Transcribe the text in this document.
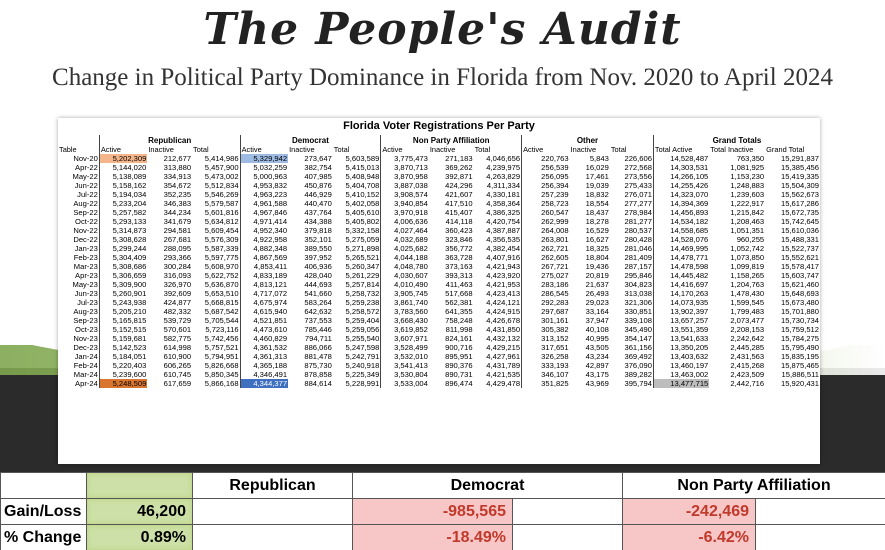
The People's Audit
Change in Political Party Dominance in Florida from Nov. 2020 to April 2024
Florida Voter Registrations Per Party
	Republican			Democrat			Non Party Affiliation			Other			Grand Totals		
Table	Active	Inactive	Total	Active	Inactive	Total	Active	Inactive	Total	Active	Inactive	Total	Total Active	Total Inactive	Grand Total
Nov-20	5,202,309	212,677	5,414,986	5,329,942	273,647	5,603,589	3,775,473	271,183	4,046,656	220,763	5,843	226,606	14,528,487	763,350	15,291,837
Apr-22	5,144,020	313,880	5,457,900	5,032,259	382,754	5,415,013	3,870,713	369,262	4,239,975	256,539	16,029	272,568	14,303,531	1,081,925	15,385,456
May-22	5,138,089	334,913	5,473,002	5,000,963	407,985	5,408,948	3,870,958	392,871	4,263,829	256,095	17,461	273,556	14,266,105	1,153,230	15,419,335
Jun-22	5,158,162	354,672	5,512,834	4,953,832	450,876	5,404,708	3,887,038	424,296	4,311,334	256,394	19,039	275,433	14,255,426	1,248,883	15,504,309
Jul-22	5,194,034	352,235	5,546,269	4,963,223	446,929	5,410,152	3,908,574	421,607	4,330,181	257,239	18,832	276,071	14,323,070	1,239,603	15,562,673
Aug-22	5,233,204	346,383	5,579,587	4,961,588	440,470	5,402,058	3,940,854	417,510	4,358,364	258,723	18,554	277,277	14,394,369	1,222,917	15,617,286
Sep-22	5,257,582	344,234	5,601,816	4,967,846	437,764	5,405,610	3,970,918	415,407	4,386,325	260,547	18,437	278,984	14,456,893	1,215,842	15,672,735
Oct-22	5,293,133	341,679	5,634,812	4,971,414	434,388	5,405,802	4,006,636	414,118	4,420,754	262,999	18,278	281,277	14,534,182	1,208,463	15,742,645
Nov-22	5,314,873	294,581	5,609,454	4,952,340	379,818	5,332,158	4,027,464	360,423	4,387,887	264,008	16,529	280,537	14,558,685	1,051,351	15,610,036
Dec-22	5,308,628	267,681	5,576,309	4,922,958	352,101	5,275,059	4,032,689	323,846	4,356,535	263,801	16,627	280,428	14,528,076	960,255	15,488,331
Jan-23	5,299,244	288,095	5,587,339	4,882,348	389,550	5,271,898	4,025,682	356,772	4,382,454	262,721	18,325	281,046	14,469,995	1,052,742	15,522,737
Feb-23	5,304,409	293,366	5,597,775	4,867,569	397,952	5,265,521	4,044,188	363,728	4,407,916	262,605	18,804	281,409	14,478,771	1,073,850	15,552,621
Mar-23	5,308,686	300,284	5,608,970	4,853,411	406,936	5,260,347	4,048,780	373,163	4,421,943	267,721	19,436	287,157	14,478,598	1,099,819	15,578,417
Apr-23	5,306,659	316,093	5,622,752	4,833,189	428,040	5,261,229	4,030,607	393,313	4,423,920	275,027	20,819	295,846	14,445,482	1,158,265	15,603,747
May-23	5,309,900	326,970	5,636,870	4,813,121	444,693	5,257,814	4,010,490	411,463	4,421,953	283,186	21,637	304,823	14,416,697	1,204,763	15,621,460
Jun-23	5,260,901	392,609	5,653,510	4,717,072	541,660	5,258,732	3,905,745	517,668	4,423,413	286,545	26,493	313,038	14,170,263	1,478,430	15,648,693
Jul-23	5,243,938	424,877	5,668,815	4,675,974	583,264	5,259,238	3,861,740	562,381	4,424,121	292,283	29,023	321,306	14,073,935	1,599,545	15,673,480
Aug-23	5,205,210	482,332	5,687,542	4,615,940	642,632	5,258,572	3,783,560	641,355	4,424,915	297,687	33,164	330,851	13,902,397	1,799,483	15,701,880
Sep-23	5,165,815	539,729	5,705,544	4,521,851	737,553	5,259,404	3,668,430	758,248	4,426,678	301,161	37,947	339,108	13,657,257	2,073,477	15,730,734
Oct-23	5,152,515	570,601	5,723,116	4,473,610	785,446	5,259,056	3,619,852	811,998	4,431,850	305,382	40,108	345,490	13,551,359	2,208,153	15,759,512
Nov-23	5,159,681	582,775	5,742,456	4,460,829	794,711	5,255,540	3,607,971	824,161	4,432,132	313,152	40,995	354,147	13,541,633	2,242,642	15,784,275
Dec-23	5,142,523	614,998	5,757,521	4,361,532	886,066	5,247,598	3,528,499	900,716	4,429,215	317,651	43,505	361,156	13,350,205	2,445,285	15,795,490
Jan-24	5,184,051	610,900	5,794,951	4,361,313	881,478	5,242,791	3,532,010	895,951	4,427,961	326,258	43,234	369,492	13,403,632	2,431,563	15,835,195
Feb-24	5,220,403	606,265	5,826,668	4,365,188	875,730	5,240,918	3,541,413	890,376	4,431,789	333,193	42,897	376,090	13,460,197	2,415,268	15,875,465
Mar-24	5,239,600	610,745	5,850,345	4,346,491	878,858	5,225,349	3,530,804	890,731	4,421,535	346,107	43,175	389,282	13,463,002	2,423,509	15,886,511
Apr-24	5,248,509	617,659	5,866,168	4,344,377	884,614	5,228,991	3,533,004	896,474	4,429,478	351,825	43,969	395,794	13,477,715	2,442,716	15,920,431
		Republican	Democrat		Non Party Affiliation	
Gain/Loss	46,200		-985,565		-242,469	
% Change	0.89%		-18.49%		-6.42%	
